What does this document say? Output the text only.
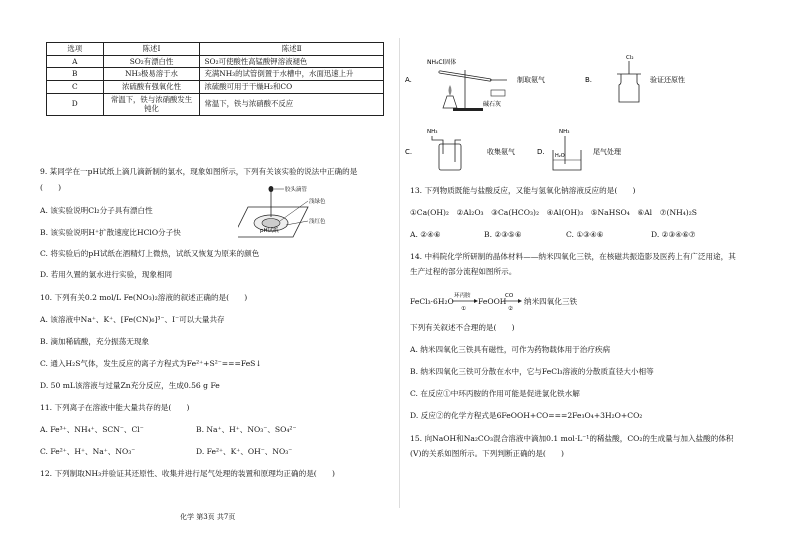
选项	陈述Ⅰ	陈述Ⅱ
A	SO₂有漂白性	SO₂可使酸性高锰酸钾溶液褪色
B	NH₃极易溶于水	充满NH₃的试管倒置于水槽中，水面迅速上升
C	浓硫酸有强氧化性	浓硫酸可用于干燥H₂和CO
D	常温下，铁与浓硝酸发生钝化	常温下，铁与浓硝酸不反应
9. 某同学在一pH试纸上滴几滴新制的氯水，现象如图所示，下列有关该实验的说法中正确的是
(　　)
A. 该实验说明Cl₂分子具有漂白性
B. 该实验说明H⁺扩散速度比HClO分子快
C. 将实验后的pH试纸在酒精灯上微热，试纸又恢复为原来的颜色
D. 若用久置的氯水进行实验，现象相同
胶头滴管
浅绿色
浅红色
pH试纸
10. 下列有关0.2 mol/L Fe(NO₃)₂溶液的叙述正确的是(　　)
A. 该溶液中Na⁺、K⁺、[Fe(CN)₆]³⁻、I⁻可以大量共存
B. 滴加稀硫酸，充分振荡无现象
C. 通入H₂S气体，发生反应的离子方程式为Fe²⁺+S²⁻===FeS↓
D. 50 mL该溶液与过量Zn充分反应，生成0.56 g Fe
11. 下列离子在溶液中能大量共存的是(　　)
A. Fe³⁺、NH₄⁺、SCN⁻、Cl⁻	B. Na⁺、H⁺、NO₃⁻、SO₄²⁻
C. Fe²⁺、H⁺、Na⁺、NO₃⁻	D. Fe²⁺、K⁺、OH⁻、NO₃⁻
12. 下列制取NH₃并验证其还原性、收集并进行尾气处理的装置和原理均正确的是(　　)
化学 第3页 共7页
A.
NH₄Cl固体
碱石灰
制取氨气	B.
Cl₂
验证还原性
C.
NH₃
收集氨气	D.
NH₃
H₂O	尾气处理
13. 下列物质既能与盐酸反应，又能与氢氧化钠溶液反应的是(　　)
①Ca(OH)₂　②Al₂O₃　③Ca(HCO₃)₂　④Al(OH)₃　⑤NaHSO₄　⑥Al　⑦(NH₄)₂S
A. ②④⑥	B. ②③⑤⑥	C. ①③④⑥	D. ②③④⑥⑦
14. 中科院化学所研制的晶体材料——纳米四氧化三铁，在核磁共振造影及医药上有广泛用途，其
生产过程的部分流程如图所示。
FeCl₃·6H₂O
环丙胺
①
FeOOH
CO
②
纳米四氧化三铁
下列有关叙述不合理的是(　　)
A. 纳米四氧化三铁具有磁性，可作为药物载体用于治疗疾病
B. 纳米四氧化三铁可分散在水中，它与FeCl₃溶液的分散质直径大小相等
C. 在反应①中环丙胺的作用可能是促进氯化铁水解
D. 反应②的化学方程式是6FeOOH+CO===2Fe₃O₄+3H₂O+CO₂
15. 向NaOH和Na₂CO₃混合溶液中滴加0.1 mol·L⁻¹的稀盐酸，CO₂的生成量与加入盐酸的体积
(V)的关系如图所示。下列判断正确的是(　　)
